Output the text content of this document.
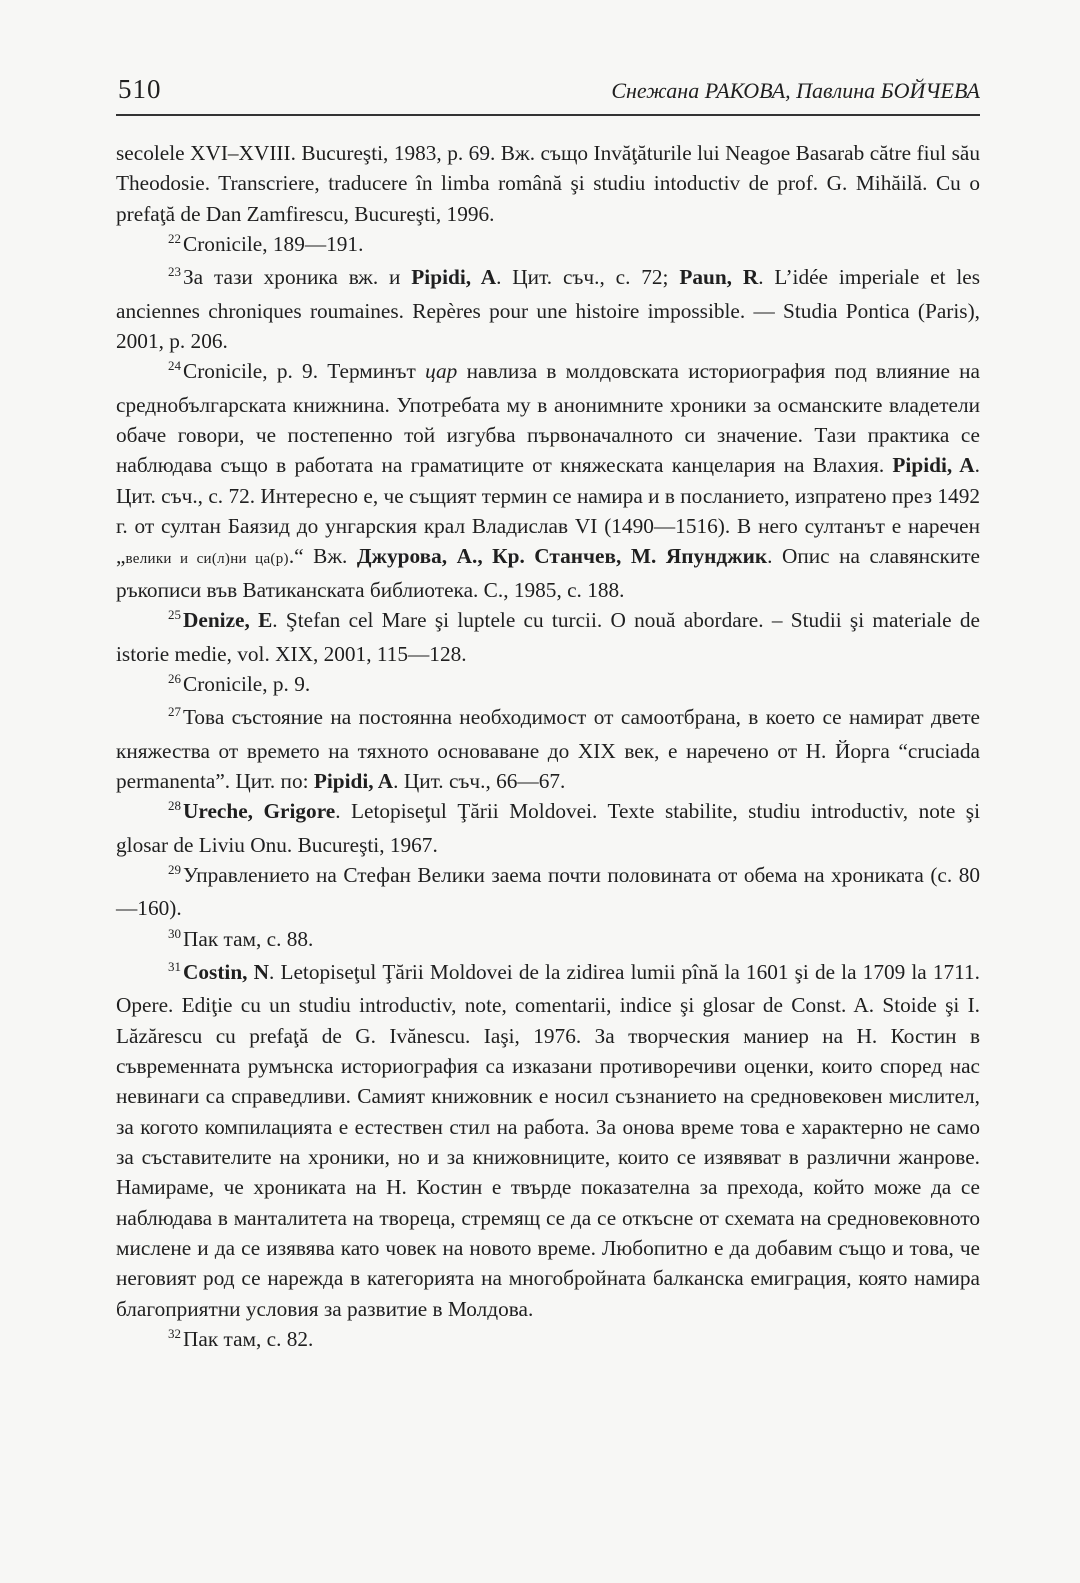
510	Снежана РАКОВА, Павлина БОЙЧЕВА

secolele XVI–XVIII. Bucureşti, 1983, p. 69. Вж. също Invăţăturile lui Neagoe Basarab către fiul său Theodosie. Transcriere, traducere în limba română şi studiu intoductiv de prof. G. Mihăilă. Cu o prefaţă de Dan Zamfirescu, Bucureşti, 1996.

$^{22}$Cronicile, 189—191.

$^{23}$За тази хроника вж. и Pipidi, A. Цит. съч., с. 72; Paun, R. L’idée imperiale et les anciennes chroniques roumaines. Repères pour une histoire impossible. — Studia Pontica (Paris), 2001, p. 206.

$^{24}$Cronicile, p. 9. Терминът цар навлиза в молдовската историография под влияние на среднобългарската книжнина. Употребата му в анонимните хроники за османските владетели обаче говори, че постепенно той изгубва първоначалното си значение. Тази практика се наблюдава също в работата на граматиците от княжеската канцелария на Влахия. Pipidi, A. Цит. съч., с. 72. Интересно е, че същият термин се намира и в посланието, изпратено през 1492 г. от султан Баязид до унгарския крал Владислав VI (1490—1516). В него султанът е наречен „велики и си(л)ни ца(р).“ Вж. Джурова, А., Кр. Станчев, М. Япунджик. Опис на славянските ръкописи във Ватиканската библиотека. С., 1985, с. 188.

$^{25}$Denize, E. Ştefan cel Mare şi luptele cu turcii. O nouă abordare. – Studii şi materiale de istorie medie, vol. XIX, 2001, 115—128.

$^{26}$Cronicile, p. 9.

$^{27}$Това състояние на постоянна необходимост от самоотбрана, в което се намират двете княжества от времето на тяхното основаване до XIX век, е наречено от Н. Йорга “cruciada permanenta”. Цит. по: Pipidi, A. Цит. съч., 66—67.

$^{28}$Ureche, Grigore. Letopiseţul Ţării Moldovei. Texte stabilite, studiu introductiv, note şi glosar de Liviu Onu. Bucureşti, 1967.

$^{29}$Управлението на Стефан Велики заема почти половината от обема на хрониката (с. 80—160).

$^{30}$Пак там, с. 88.

$^{31}$Costin, N. Letopiseţul Ţării Moldovei de la zidirea lumii pînă la 1601 şi de la 1709 la 1711. Opere. Ediţie cu un studiu introductiv, note, comentarii, indice şi glosar de Const. A. Stoide şi I. Lăzărescu cu prefaţă de G. Ivănescu. Iaşi, 1976. За творческия маниер на Н. Костин в съвременната румънска историография са изказани противоречиви оценки, които според нас невинаги са справедливи. Самият книжовник е носил съзнанието на средновековен мислител, за когото компилацията е естествен стил на работа. За онова време това е характерно не само за съставителите на хроники, но и за книжовниците, които се изявяват в различни жанрове. Намираме, че хрониката на Н. Костин е твърде показателна за прехода, който може да се наблюдава в манталитета на твореца, стремящ се да се откъсне от схемата на средновековното мислене и да се изявява като човек на новото време. Любопитно е да добавим също и това, че неговият род се нарежда в категорията на многобройната балканска емиграция, която намира благоприятни условия за развитие в Молдова.

$^{32}$Пак там, с. 82.
